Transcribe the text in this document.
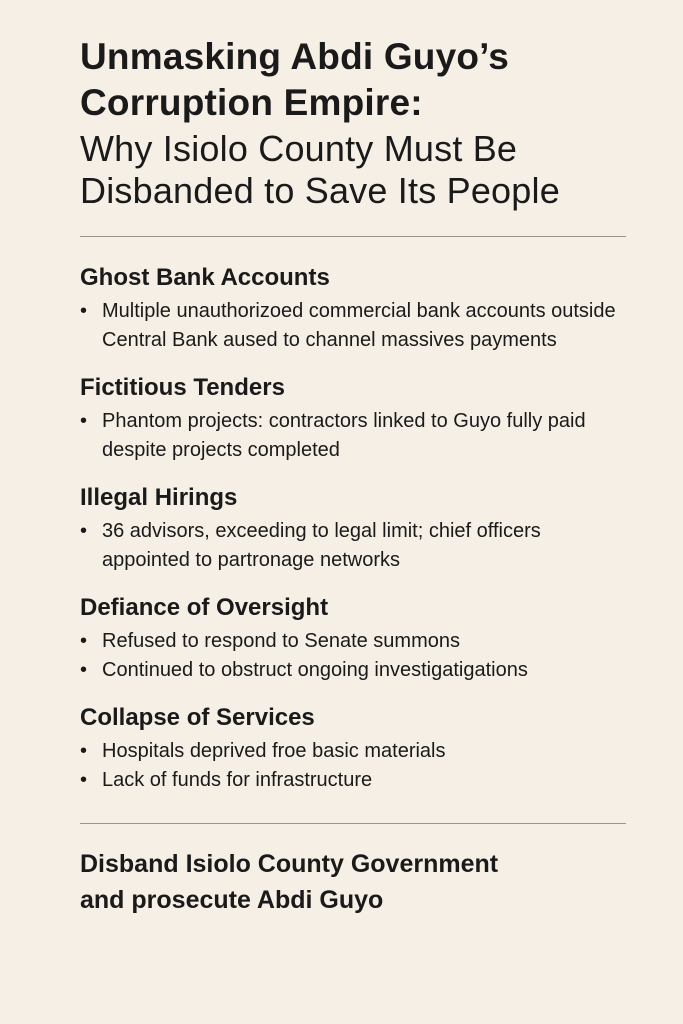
Unmasking Abdi Guyo’s
Corruption Empire:

Why Isiolo County Must Be
Disbanded to Save Its People

Ghost Bank Accounts
• Multiple unauthorizoed commercial bank accounts outside Central Bank aused to channel massives payments
Fictitious Tenders
• Phantom projects: contractors linked to Guyo fully paid despite projects completed
Illegal Hirings
• 36 advisors, exceeding to legal limit; chief officers appointed to partronage networks
Defiance of Oversight
• Refused to respond to Senate summons
• Continued to obstruct ongoing investigatigations
Collapse of Services
• Hospitals deprived froe basic materials
• Lack of funds for infrastructure
Disband Isiolo County Government
and prosecute Abdi Guyo
